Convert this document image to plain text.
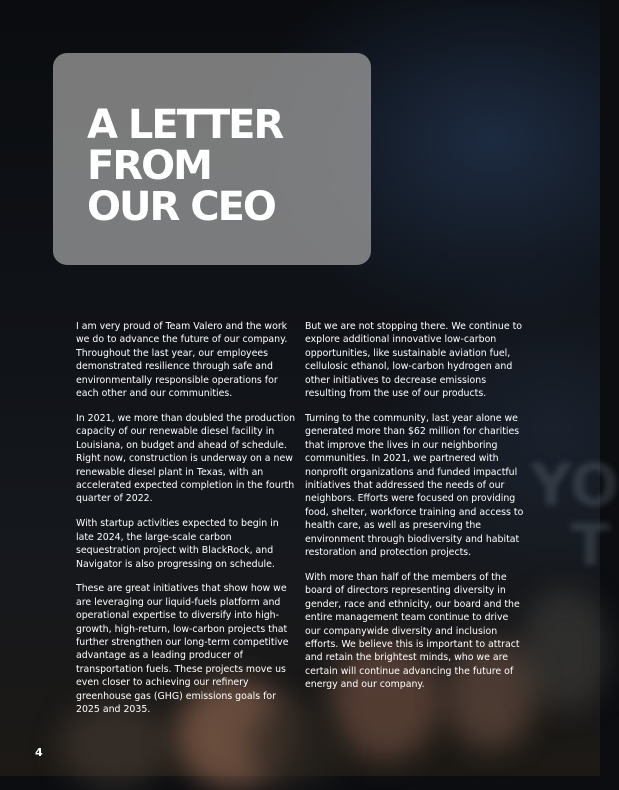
YO
T
A LETTER
FROM
OUR CEO

I am very proud of Team Valero and the work we do to advance the future of our company. Throughout the last year, our employees demonstrated resilience through safe and environmentally responsible operations for each other and our communities.

In 2021, we more than doubled the production capacity of our renewable diesel facility in Louisiana, on budget and ahead of schedule. Right now, construction is underway on a new renewable diesel plant in Texas, with an accelerated expected completion in the fourth quarter of 2022.

With startup activities expected to begin in late 2024, the large-scale carbon sequestration project with BlackRock, and Navigator is also progressing on schedule.

These are great initiatives that show how we are leveraging our liquid-fuels platform and operational expertise to diversify into high-growth, high-return, low-carbon projects that further strengthen our long-term competitive advantage as a leading producer of transportation fuels. These projects move us even closer to achieving our refinery greenhouse gas (GHG) emissions goals for 2025 and 2035.

But we are not stopping there. We continue to explore additional innovative low-carbon opportunities, like sustainable aviation fuel, cellulosic ethanol, low-carbon hydrogen and other initiatives to decrease emissions resulting from the use of our products.

Turning to the community, last year alone we generated more than $62 million for charities that improve the lives in our neighboring communities. In 2021, we partnered with nonprofit organizations and funded impactful initiatives that addressed the needs of our neighbors. Efforts were focused on providing food, shelter, workforce training and access to health care, as well as preserving the environment through biodiversity and habitat restoration and protection projects.

With more than half of the members of the board of directors representing diversity in gender, race and ethnicity, our board and the entire management team continue to drive our companywide diversity and inclusion efforts. We believe this is important to attract and retain the brightest minds, who we are certain will continue advancing the future of energy and our company.

4
